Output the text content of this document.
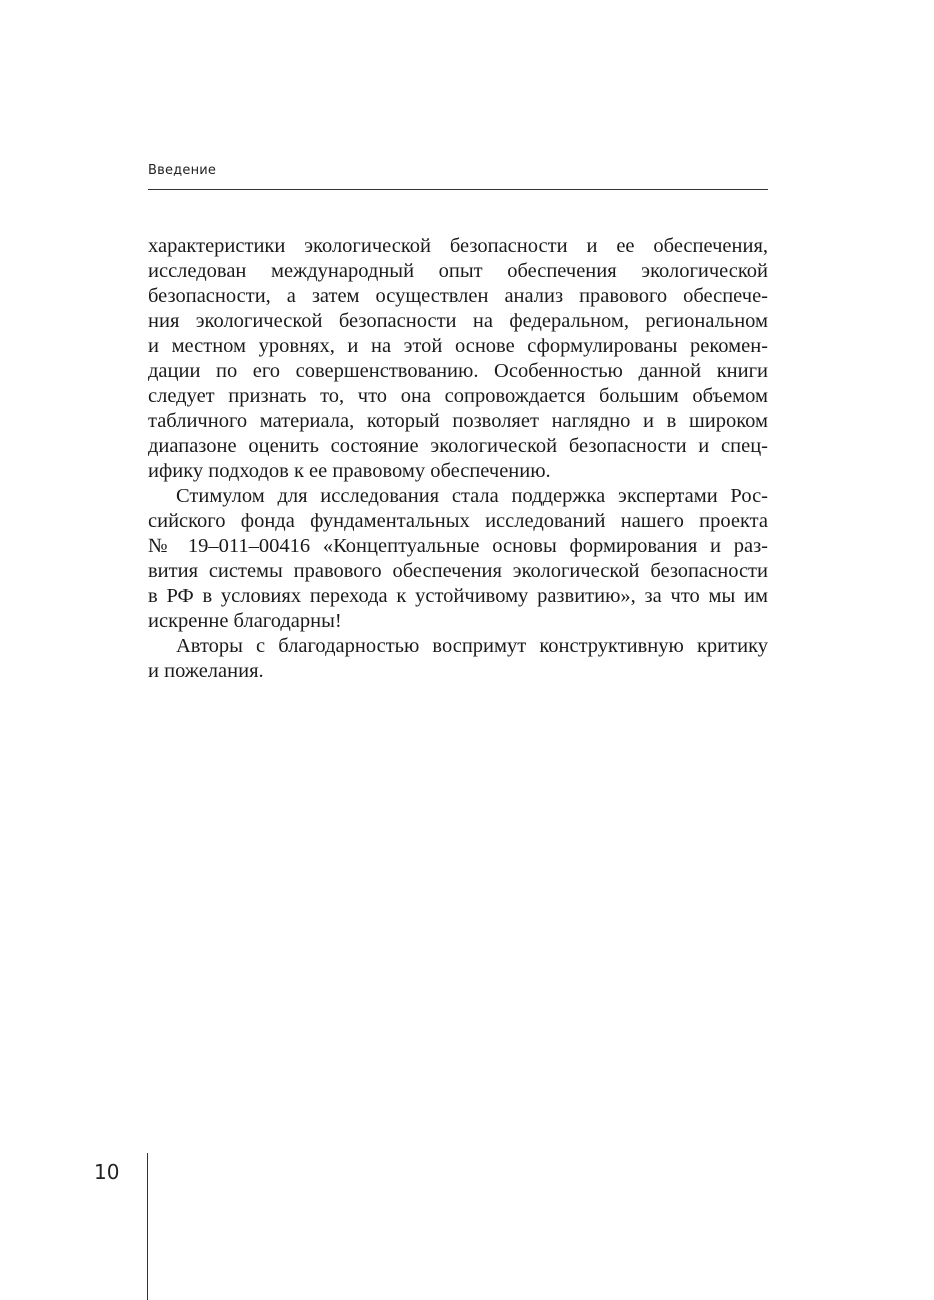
Введение
характеристики экологической безопасности и ее обеспечения,
исследован международный опыт обеспечения экологической
безопасности, а затем осуществлен анализ правового обеспече-
ния экологической безопасности на федеральном, региональном
и местном уровнях, и на этой основе сформулированы рекомен-
дации по его совершенствованию. Особенностью данной книги
следует признать то, что она сопровождается большим объемом
табличного материала, который позволяет наглядно и в широком
диапазоне оценить состояние экологической безопасности и спец-
ифику подходов к ее правовому обеспечению.
Стимулом для исследования стала поддержка экспертами Рос-
сийского фонда фундаментальных исследований нашего проекта
№ 19–011–00416 «Концептуальные основы формирования и раз-
вития системы правового обеспечения экологической безопасности
в РФ в условиях перехода к устойчивому развитию», за что мы им
искренне благодарны!
Авторы с благодарностью воспримут конструктивную критику
и пожелания.
10
